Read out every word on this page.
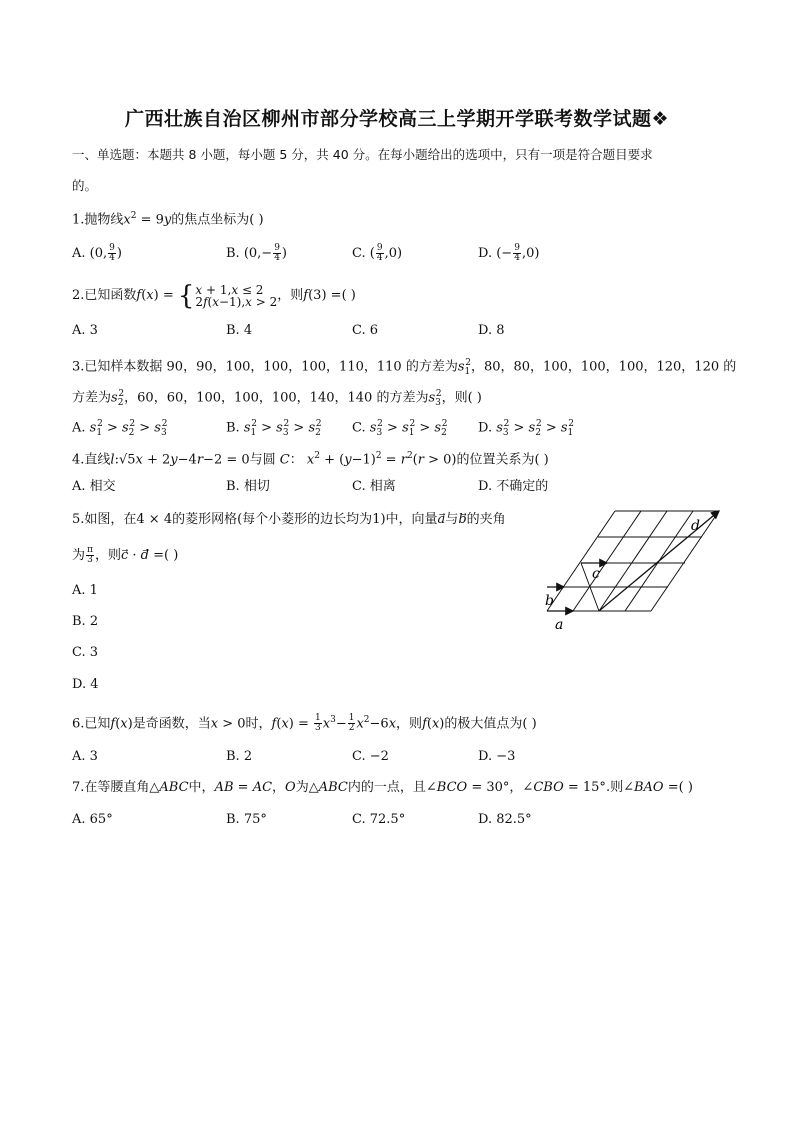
广西壮族自治区柳州市部分学校高三上学期开学联考数学试题❖
一、单选题：本题共 8 小题，每小题 5 分，共 40 分。在每小题给出的选项中，只有一项是符合题目要求
的。
1.抛物线$x^2 = 9y$的焦点坐标为( )
A. (0, $\frac{9}{4}$ )	B. ($0,- \frac{9}{4}$ )	C. ( $\frac{9}{4} ,0$)	D. (− $\frac{9}{4} ,0$)
2.已知函数 f ( x ) = { x + 1,x ≤ 2
2f(x−1),x > 2 ，则 f (3) = ( )
A. 3	B. 4	C. 6	D. 8
3.已知样本数据 90，90，100，100，100，110，110 的方差为$s_1^2$，80，80，100，100，100，120，120 的
方差为$s_2^2$，60，60，100，100，100，140，140 的方差为$s_3^2$，则( )
A. $s_1^2 > s_2^2 > s_3^2$	B. $s_1^2 > s_3^2 > s_2^2$ C. $s_3^2 > s_1^2 > s_2^2$ D. $s_3^2 > s_2^2 > s_1^2$
4.直线l:√5x + 2y−4r−2 = 0与圆 C： $x^2 + (y-1)^2 = r^2(r > 0)$的位置关系为( )
A. 相交	B. 相切	C. 相离	D. 不确定的
5.如图，在4 × 4的菱形网格(每个小菱形的边长均为1)中，向量a与b的夹角
为 $\frac{\pi}{3}$ ，则c⃗ · d⃗ =( )
A. 1
B. 2
C. 3
D. 4
d
c
b
a
6.已知f(x)是奇函数，当x > 0时，$f(x) = \frac{1}{3} x^3- \frac{1}{2} x^2-6x$，则f(x)的极大值点为( )
A. 3	B. 2	C. −2	D. −3
7.在等腰直角△ABC中，AB = AC，O为△ABC内的一点，且∠BCO = 30°，∠CBO = 15°.则∠BAO =( )
A. 65°	B. 75°	C. 72.5°	D. 82.5°
